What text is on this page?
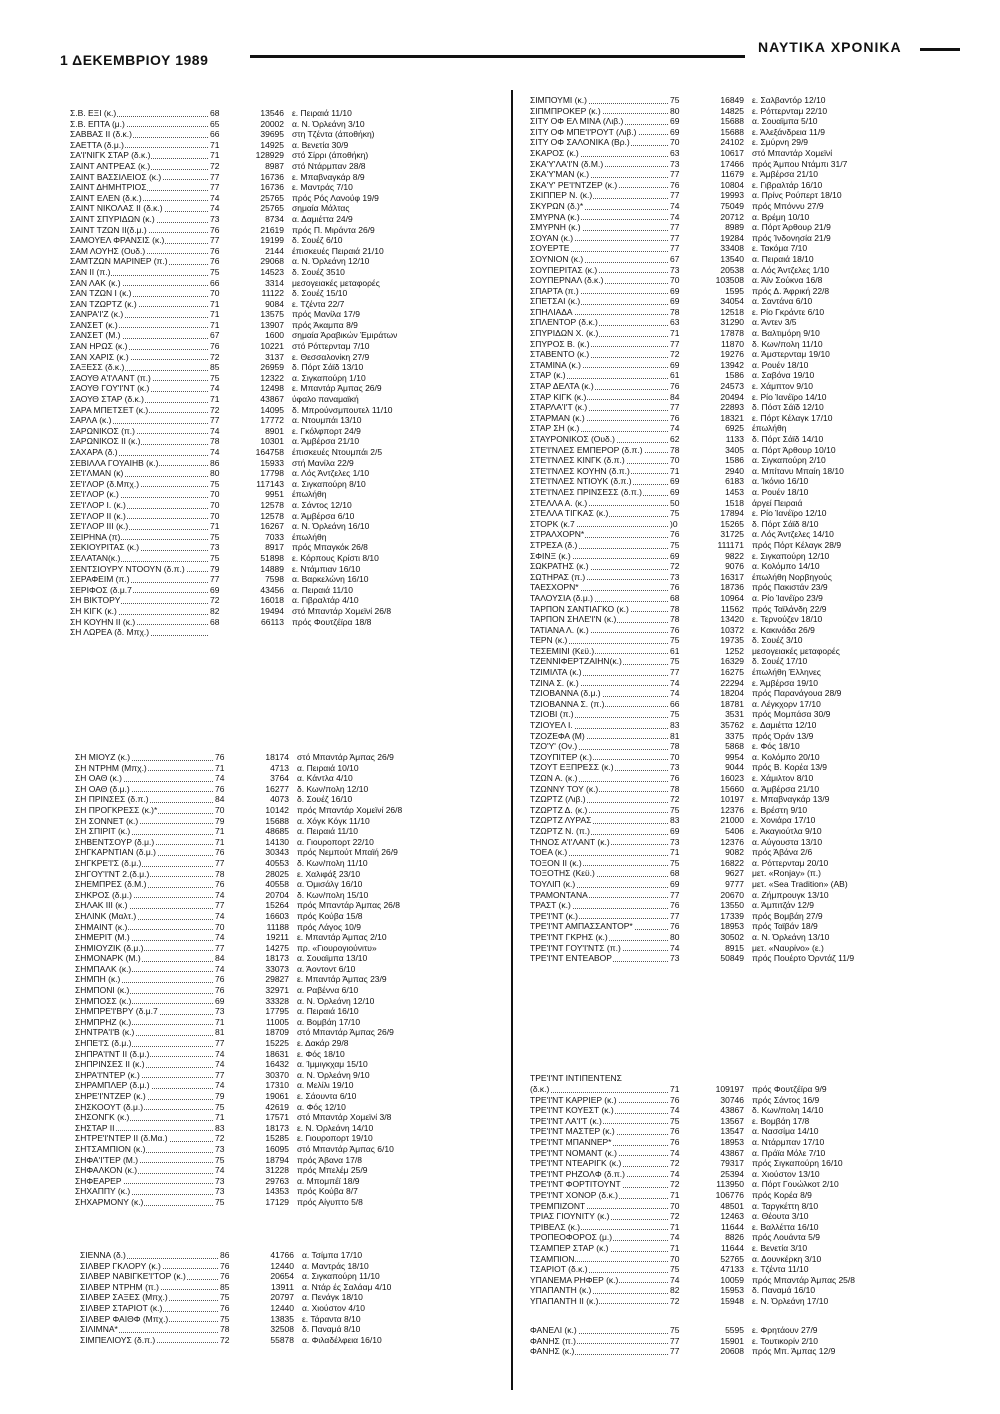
1 ΔΕΚΕΜΒΡΙΟΥ 1989
ΝΑΥΤΙΚΑ ΧΡΟΝΙΚΑ
Σ.Β. ΕΞΙ (κ.)	68	13546 ε. Πειραιά 11/10
Σ.Β. ΕΠΤΑ (μ.)	65	20002 α. Ν. Όρλεάνη 3/10
ΣΑΒΒΑΣ ΙΙ (δ.κ.)	66	39695 στη Τζέντα (άποθήκη)
ΣΑΕΤΤΑ (δ.μ.)	71	14925 α. Βενετία 30/9
ΣΑ'Ι'ΝΙΓΚ ΣΤΑΡ (δ.κ.)	71	128929 στό Σίρρι (άποθήκη)
ΣΑΙΝΤ ΑΝΤΡΕΑΣ (κ.)	72	8987 στό Ντάρμπαν 28/8
ΣΑΙΝΤ ΒΑΣΣΙΛΕΙΟΣ (κ.)	77	16736 ε. Μπαβναγκάρ 8/9
ΣΑΙΝΤ ΔΗΜΗΤΡΙΟΣ	77	16736 ε. Μαντράς 7/10
ΣΑΙΝΤ ΕΛΕΝ (δ.κ.)	74	25765 πρός Ρός Λανούφ 19/9
ΣΑΙΝΤ ΝΙΚΟΛΑΣ ΙΙ (δ.κ.)	74	25765 σημαία Μάλτας
ΣΑΙΝΤ ΣΠΥΡΙΔΩΝ (κ.)	73	8734 α. Δαμιέττα 24/9
ΣΑΙΝΤ ΤΖΩΝ ΙΙ(δ.μ.)	76	21619 πρός Π. Μιράντα 26/9
ΣΑΜΟΥΕΛ ΦΡΑΝΣΙΣ (κ.)	77	19199 δ. Σουέζ 6/10
ΣΑΜ ΛΟΥΗΣ (Ουδ.)	76	2144 έπισκευές Πειραιά 21/10
ΣΑΜΤΖΩΝ ΜΑΡΙΝΕΡ (π.)	76	29068 α. Ν. Όρλεάνη 12/10
ΣΑΝ ΙΙ (π.)	75	14523 δ. Σουέζ 3510
ΣΑΝ ΛΑΚ (κ.)	66	3314 μεσογειακές μεταφορές
ΣΑΝ ΤΖΩΝ Ι (κ.)	70	11122 δ. Σουέζ 15/10
ΣΑΝ ΤΖΩΡΤΖ (κ.)	71	9084 ε. Τζέντα 22/7
ΣΑΝΡΑ'Ι'Ζ (κ.)	71	13575 πρός Μανίλα 17/9
ΣΑΝΣΕΤ (κ.)	71	13907 πρός Άκαμπα 8/9
ΣΑΝΣΕΤ (Μ.)	67	1600 σημαία Άραβικών Έμιράτων
ΣΑΝ ΗΡΩΣ (κ.)	76	10221 στό Ρόττερνταμ 7/10
ΣΑΝ ΧΑΡΙΣ (κ.)	72	3137 ε. Θεσσαλονίκη 27/9
ΣΑΞΕΣΣ (δ.κ.)	85	26959 δ. Πόρτ Σάϊδ 13/10
ΣΑΟΥΘ Α'Ι'ΛΑΝΤ (π.)	75	12322 α. Σιγκαπούρη 1/10
ΣΑΟΥΘ ΓΟΥ'Ι'ΝΤ (κ.)	74	12498 ε. Μπαντάρ Άμπας 26/9
ΣΑΟΥΘ ΣΤΑΡ (δ.κ.)	71	43867 ύφαλο παναμαϊκή
ΣΑΡΑ ΜΠΕΤΣΕΤ (κ.)	72	14095 δ. Μπρούνσμπουτελ 11/10
ΣΑΡΛΑ (κ.)	77	17772 α. Ντουμπάι 13/10
ΣΑΡΩΝΙΚΟΣ (π.)	74	8901 ε. Γκόλφπορτ 24/9
ΣΑΡΩΝΙΚΟΣ ΙΙ (κ.)	78	10301 α. Άμβέρσα 21/10
ΣΑΧΑΡΑ (δ.)	74	164758 έπισκευές Ντουμπάι 2/5
ΣΕΒΙΛΛΑ ΓΟΥΑΙΗΒ (κ.)	86	15933 στή Μανίλα 22/9
ΣΕ'Ι'ΛΜΑΝ (κ)	80	17798 α. Λός Άντζελες 1/10
ΣΕ'Ι'ΛΟΡ (δ.Μπχ.)	75	117143 α. Σιγκαπούρη 8/10
ΣΕ'Ι'ΛΟΡ (κ.)	70	9951 έπωλήθη
ΣΕ'Ι'ΛΟΡ Ι. (κ.)	70	12578 α. Σάντος 12/10
ΣΕ'Ι'ΛΟΡ ΙΙ (κ.)	70	12578 α. Άμβέρσα 6/10
ΣΕ'Ι'ΛΟΡ ΙΙΙ (κ.)	71	16267 α. Ν. Όρλεάνη 16/10
ΣΕΙΡΗΝΑ (π)	75	7033 έπωλήθη
ΣΕΚΙΟΥΡΙΤΑΣ (κ.)	73	8917 πρός Μπαγκόκ 26/8
ΣΕΛΑΤΑΝ(κ.)	75	51898 ε. Κόρπους Κρίστι 8/10
ΣΕΝΤΣΙΟΥΡΥ ΝΤΟΟΥΝ (δ.π.)	79	14889 ε. Ντάμπιαν 16/10
ΣΕΡΑΦΕΙΜ (π.)	77	7598 α. Βαρκελώνη 16/10
ΣΕΡΙΦΟΣ (δ.μ.7	69	43456 α. Πειραιά 11/10
ΣΗ ΒΙΚΤΟΡΥ	72	16018 α. Γιβραλτάρ 4/10
ΣΗ ΚΙΓΚ (κ.)	82	19494 στό Μπαντάρ Χομεϊνί 26/8
ΣΗ ΚΟΥΗΝ ΙΙ (κ.)	68	66113 πρός Φουτζέϊρα 18/8
ΣΗ ΛΩΡΕΑ (δ. Μπχ.)
ΣΗ ΜΙΟΥΖ (κ.)	76	18174 στό Μπαντάρ Άμπας 26/9
ΣΗ ΝΤΡΗΜ (Μπχ.)	71	4713 α. Πειραιά 10/10
ΣΗ ΟΑΘ (κ.)	74	3764 α. Κάντλα 4/10
ΣΗ ΟΑΘ (δ.μ.)	76	16277 δ. Κων/πολη 12/10
ΣΗ ΠΡΙΝΣΕΣ (δ.π.)	84	4073 δ. Σουέζ 16/10
ΣΗ ΠΡΟΓΚΡΕΣΣ (κ.)*	70	10142 πρός Μπαντάρ Χομεϊνί 26/8
ΣΗ ΣΟΝΝΕΤ (κ.)	79	15688 α. Χόγκ Κόγκ 11/10
ΣΗ ΣΠΙΡΙΤ (κ.)	71	48685 α. Πειραιά 11/10
ΣΗΒΕΝΤΣΟΥΡ (δ.μ.)	71	14130 α. Γιουροπορτ 22/10
ΣΗΓΚΑΡΝΤΙΑΝ (δ.μ.)	76	30343 πρός Νεμπούτ Μπαϊή 26/9
ΣΗΓΚΡΕ'Ι'Σ (δ.μ.)	77	40553 δ. Κων/πολη 11/10
ΣΗΓΟΥ'Ι'ΝΤ 2.(δ.μ.)	78	28025 ε. Χαλιφάξ 23/10
ΣΗΕΜΠΡΕΣ (δ.Μ.)	76	40558 α. Όμισάλγ 16/10
ΣΗΚΡΟΣ (δ.μ.)	74	20704 δ. Κων/πολη 15/10
ΣΗΛΑΚ ΙΙΙ (κ.)	77	15264 πρός Μπαντάρ Άμπας 26/8
ΣΗΛΙΝΚ (Μαλτ.)	74	16603 πρός Κούβα 15/8
ΣΗΜΑΙΝΤ (κ.)	70	11188 πρός Λάγος 10/9
ΣΗΜΕΡΙΤ (Μ.)	74	19211 ε. Μπαντάρ Άμπας 2/10
ΣΗΜΙΟΥΖΙΚ (δ.μ.)	77	14275 πρ. «Γιουρογιούνιτυ»
ΣΗΜΟΝΑΡΚ (Μ.)	84	18173 α. Σουαϊμπα 13/10
ΣΗΜΠΑΛΚ (κ.)	74	33073 α. Άοντοντ 6/10
ΣΗΜΠΗ (κ.)	76	29827 ε. Μπαντάρ Άμπας 23/9
ΣΗΜΠΟΝΙ (κ.)	76	32971 α. Ραβέννα 6/10
ΣΗΜΠΟΣΣ (κ.)	69	33328 α. Ν. Όρλεάνη 12/10
ΣΗΜΠΡΕ'Ι'ΒΡΥ (δ.μ.7	73	17795 α. Πειραιά 16/10
ΣΗΜΠΡΗΖ (κ.)	71	11005 α. Βομβάη 17/10
ΣΗΝΤΡΑ'Ι'Β (κ.)	81	18709 στό Μπαντάρ Άμπας 26/9
ΣΗΠΕ'Ι'Σ (δ.μ.)	77	15225 ε. Δακάρ 29/8
ΣΗΠΡΑ'Ι'ΝΤ ΙΙ (δ.μ.)	74	18631 ε. Φός 18/10
ΣΗΠΡΙΝΣΕΣ ΙΙ (κ.)	74	16432 α. Ίμμιγκχαμ 15/10
ΣΗΡΑ'Ι'ΝΤΕΡ (κ.)	77	30370 α. Ν. Όρλεάνη 9/10
ΣΗΡΑΜΠΛΕΡ (δ.μ.)	74	17310 α. Μελίλι 19/10
ΣΗΡΕ'Ι'ΝΤΖΕΡ (κ.)	79	19061 ε. Σάουντα 6/10
ΣΗΣΚΟΟΥΤ (δ.μ.)	75	42619 α. Φός 12/10
ΣΗΣΟΝΓΚ (κ.)	71	17571 στό Μπαντάρ Χομεϊνί 3/8
ΣΗΣΤΑΡ ΙΙ	83	18173 ε. Ν. Όρλεάνη 14/10
ΣΗΤΡΕ'Ι'ΝΤΕΡ ΙΙ (δ.Μα.)	72	15285 ε. Γιουροπορτ 19/10
ΣΗΤΣΑΜΠΙΟΝ (κ.)	73	16095 στό Μπαντάρ Άμπας 6/10
ΣΗΦΑ'Ι'ΤΕΡ (Μ.)	75	18794 πρός Άβανα 17/8
ΣΗΦΑΛΚΟΝ (κ.)	74	31228 πρός Μπελέμ 25/9
ΣΗΦΕΑΡΕΡ	73	29763 α. Μπομπέϊ 18/9
ΣΗΧΑΠΠΥ (κ.)	73	14353 πρός Κούβα 8/7
ΣΗΧΑΡΜΟΝΥ (κ.)	75	17129 πρός Αίγυπτο 5/8
ΣΙΕΝΝΑ (δ.)	86	41766 α. Τσίμπα 17/10
ΣΙΛΒΕΡ ΓΚΛΟΡΥ (κ.)	76	12440 α. Μαντράς 18/10
ΣΙΛΒΕΡ ΝΑΒΙΓΚΕ'Ι'ΤΟΡ (κ.)	76	20654 α. Σιγκαπούρη 11/10
ΣΙΛΒΕΡ ΝΤΡΗΜ (π.)	85	13911 α. Ντάρ ές Σαλάαμ 4/10
ΣΙΛΒΕΡ ΣΑΞΕΣ (Μπχ.)	75	20797 α. Πενάγκ 18/10
ΣΙΛΒΕΡ ΣΤΑΡΙΟΤ (κ.)	76	12440 α. Χιούστον 4/10
ΣΙΛΒΕΡ ΦΑΙΘΦ (Μπχ.)	75	13835 ε. Τάραντα 8/10
ΣΙΛΙΜΝΑ*	78	32508 δ. Παναμά 8/10
ΣΙΜΠΕΛΙΟΥΣ (δ.π.)	72	55878 α. Φιλαδέλφεια 16/10
ΣΙΜΠΟΥΜΙ (κ.)	75	16849 ε. Σαλβαντόρ 12/10
ΣΙΠΜΠΡΟΚΕΡ (κ.)	80	14825 ε. Ρόττερνταμ 22/10
ΣΙΤΥ ΟΦ ΕΛ ΜΙΝΑ (Λιβ.)	69	15688 α. Σουαϊμπα 5/10
ΣΙΤΥ ΟΦ ΜΠΕ'Ι'ΡΟΥΤ (Λιβ.)	69	15688 ε. Άλεξάνδρεια 11/9
ΣΙΤΥ ΟΦ ΣΑΛΟΝΙΚΑ (Βρ.)	70	24102 ε. Σμύρνη 29/9
ΣΚΑΡΟΣ (κ.)	63	10617 στό Μπαντάρ Χομεϊνί
ΣΚΑ'Υ'ΛΑ'Ι'Ν (δ.Μ.)	73	17466 πρός Άμπου Ντάμπι 31/7
ΣΚΑ'Υ'ΜΑΝ (κ.)	77	11679 ε. Άμβέρσα 21/10
ΣΚΑ'Υ' ΡΕ'Ι'ΝΤΖΕΡ (κ.)	76	10804 ε. Γιβραλτάρ 16/10
ΣΚΙΠΠΕΡ Ν. (κ.)	77	19993 α. Πρίνς Ρούπερτ 18/10
ΣΚΥΡΩΝ (δ.)*	74	75049 πρός Μπόννυ 27/9
ΣΜΥΡΝΑ (κ.)	74	20712 α. Βρέμη 10/10
ΣΜΥΡΝΗ (κ.)	77	8989 α. Πόρτ Άρθουρ 21/9
ΣΟΥΑΝ (κ.)	77	19284 πρός Ίνδονησία 21/9
ΣΟΥΕΡΤΕ	77	33408 ε. Τακόμα 7/10
ΣΟΥΝΙΟΝ (κ.)	67	13540 α. Πειραιά 18/10
ΣΟΥΠΕΡΙΤΑΣ (κ.)	73	20538 α. Λός Άντζελες 1/10
ΣΟΥΠΕΡΝΑΛ (δ.κ.)	70	103508 α. Άϊν Σούκνα 16/8
ΣΠΑΡΤΑ (π.)	69	1595 πρός Δ. Άφρική 22/8
ΣΠΕΤΣΑΙ (κ.)	69	34054 α. Σαντάνα 6/10
ΣΠΗΛΙΑΔΑ	78	12518 ε. Ρίο Γκράντε 6/10
ΣΠΛΕΝΤΟΡ (δ.κ.)	63	31290 α. Άντεν 3/5
ΣΠΥΡΙΔΩΝ Χ. (κ.)	71	17878 α. Βαλτιμόρη 9/10
ΣΠΥΡΟΣ Β. (κ.)	77	11870 δ. Κων/πολη 11/10
ΣΤΑΒΕΝΤΟ (κ.)	72	19276 α. Άμστερνταμ 19/10
ΣΤΑΜΙΝΑ (κ.)	69	13942 α. Ρουέν 18/10
ΣΤΑΡ (κ.)	61	1586 α. Σαβόνα 19/10
ΣΤΑΡ ΔΕΛΤΑ (κ.)	76	24573 ε. Χάμπτον 9/10
ΣΤΑΡ ΚΙΓΚ (κ.)	84	20494 ε. Ρίο Ίανέϊρο 14/10
ΣΤΑΡΛΑ'Ι'Τ (κ.)	77	22893 δ. Πόστ Σάϊδ 12/10
ΣΤΑΡΜΑΝ (κ.)	76	18321 ε. Πόρτ Κέλαγκ 17/10
ΣΤΑΡ ΣΗ (κ.)	74	6925 έπωλήθη
ΣΤΑΥΡΟΝΙΚΟΣ (Ουδ.)	62	1133 δ. Πόρτ Σάϊδ 14/10
ΣΤΕ'Ι'ΝΛΕΣ ΕΜΠΕΡΟΡ (δ.π.)	78	3405 α. Πόρτ Άρθουρ 10/10
ΣΤΕ'Ι'ΝΛΕΣ ΚΙΝΓΚ (δ.π.)	70	1586 α. Σιγκαπούρη 2/10
ΣΤΕ'Ι'ΝΛΕΣ ΚΟΥΗΝ (δ.π.)	71	2940 α. Μπίτανυ Μπαίη 18/10
ΣΤΕ'Ι'ΝΛΕΣ ΝΤΙΟΥΚ (δ.π.)	69	6183 α. Ίκόνιο 16/10
ΣΤΕ'Ι'ΝΛΕΣ ΠΡΙΝΣΕΣΣ (δ.π.)	69	1453 α. Ρουέν 18/10
ΣΤΕΛΛΑ Α. (κ.)	50	1518 άργεί Πειραιά
ΣΤΕΛΛΑ ΤΙΓΚΑΣ (κ.)	75	17894 ε. Ρίο Ίανέϊρο 12/10
ΣΤΟΡΚ (κ.7	)0	15265 δ. Πόρτ Σάϊδ 8/10
ΣΤΡΑΛΧΟΡΝ*	76	31725 α. Λός Άντζελες 14/10
ΣΤΡΕΣΑ (δ.)	75	111171 πρός Πόρτ Κέλαγκ 28/9
ΣΦΙΝΞ (κ.)	69	9822 ε. Σιγκαπούρη 12/10
ΣΩΚΡΑΤΗΣ (κ.)	72	9076 α. Κολόμπο 14/10
ΣΩΤΗΡΑΣ (π.)	73	16317 έπωλήθη Νορβηγούς
ΤΑΕΣΧΟΡΝ*	76	18736 πρός Πακιστάν 23/9
ΤΑΛΟΥΣΙΑ (δ.μ.)	68	10964 α. Ρίο Ίανέϊρο 23/9
ΤΑΡΠΟΝ ΣΑΝΤΙΑΓΚΟ (κ.)	78	11562 πρός Ταϊλάνδη 22/9
ΤΑΡΠΟΝ ΣΗΛΕ'Ι'Ν (κ.)	78	13420 ε. Τερνούζεν 18/10
ΤΑΤΙΑΝΑ Λ. (κ.)	76	10372 ε. Κακινάδα 26/9
ΤΕΡΝ (κ.)	75	19735 δ. Σουέζ 3/10
ΤΕΣΕΜΙΝΙ (Κεϋ.)	61	1252 μεσογειακές μεταφορές
ΤΖΕΝΝΙΦΕΡΤΖΑΙΗΝ(κ.)	75	16329 δ. Σουέζ 17/10
ΤΖΙΜΙΛΤΑ (κ.)	77	16275 έπωλήθη Έλληνες
ΤΖΙΝΑ Σ. (κ.)	74	22294 ε. Άμβέρσα 19/10
ΤΖΙΟΒΑΝΝΑ (δ.μ.)	74	18204 πρός Παρανάγουα 28/9
ΤΖΙΟΒΑΝΝΑ Σ. (π.)	66	18781 α. Λέγκχορν 17/10
ΤΖΙΟΒΙ (π.)	75	3531 πρός Μομπάσα 30/9
ΤΖΙΟΥΕΛ Ι.	83	35762 ε. Δαμιέττα 12/10
ΤΖΟΖΕΦΑ (Μ)	81	3375 πρός Όράν 13/9
ΤΖΟ'Υ' (Ον.)	78	5868 ε. Φός 18/10
ΤΖΟΥΠΙΤΕΡ (κ.)	70	9954 α. Κολόμπο 20/10
ΤΖΟΥΤ ΕΞΠΡΕΣΣ (κ.)	73	9044 πρός Β. Κορέα 13/9
ΤΖΩΝ Α. (κ.)	76	16023 ε. Χάμιλτον 8/10
ΤΖΩΝΝΥ ΤΟΥ (κ.)	78	15660 α. Άμβέρσα 21/10
ΤΖΩΡΤΖ (Λιβ.)	72	10197 ε. Μπαβναγκάρ 13/9
ΤΖΩΡΤΖ Δ. (κ.)	75	12376 ε. Βρέστη 9/10
ΤΖΩΡΤΖ ΛΥΡΑΣ	83	21000 ε. Χονιάρα 17/10
ΤΖΩΡΤΖ Ν. (π.)	69	5406 ε. Άκαγιούτλα 9/10
ΤΗΝΟΣ Α'Ι'ΛΑΝΤ (κ.)	73	12376 α. Αύγουστα 13/10
ΤΟΕΑ (κ.)	71	9082 πρός Άβάνα 2/6
ΤΟΞΟΝ ΙΙ (κ.)	75	16822 α. Ρόττερνταμ 20/10
ΤΟΞΟΤΗΣ (Κεϋ.)	68	9627 μετ. «Ronjay» (π.)
ΤΟΥΛΙΠ (κ.)	69	9777 μετ. «Sea Tradition» (ΑΒ)
ΤΡΑΜΟΝΤΑΝΑ	77	20670 α. Ζήμπρουγκ 13/10
ΤΡΑΣΤ (κ.)	76	13550 α. Άμπιτζάν 12/9
ΤΡΕ'Ι'ΝΤ (κ.)	77	17339 πρός Βομβάη 27/9
ΤΡΕ'Ι'ΝΤ ΑΜΠΑΣΣΑΝΤΟΡ*	76	18953 πρός Ταϊβάν 18/9
ΤΡΕ'Ι'ΝΤ ΓΚΡΗΣ (κ.)	80	30502 α. Ν. Όρλεάνη 13/10
ΤΡΕ'Ι'ΝΤ ΓΟΥ'Ι'ΝΤΣ (π.)	74	8915 μετ. «Ναυρίνο» (ε.)
ΤΡΕ'Ι'ΝΤ ΕΝΤΕΑΒΟΡ	73	50849 πρός Πουέρτο Όρντάζ 11/9
ΤΡΕ'Ι'ΝΤ ΙΝΤΙΠΕΝΤΕΝΣ
(δ.κ.)	71	109197 πρός Φουτζέϊρα 9/9
ΤΡΕ'Ι'ΝΤ ΚΑΡΡΙΕΡ (κ.)	76	30746 πρός Σάντος 16/9
ΤΡΕ'Ι'ΝΤ ΚΟΥΕΣΤ (κ.)	74	43867 δ. Κων/πολη 14/10
ΤΡΕ'Ι'ΝΤ ΛΑ'Ι'Τ (κ.)	75	13567 ε. Βομβάη 17/8
ΤΡΕ'Ι'ΝΤ ΜΑΣΤΕΡ (κ.)	76	13547 α. Νασσίμα 14/10
ΤΡΕ'Ι'ΝΤ ΜΠΑΝΝΕΡ*	76	18953 α. Ντάρμπαν 17/10
ΤΡΕ'Ι'ΝΤ ΝΟΜΑΝΤ (κ.)	74	43867 α. Πράϊα Μόλε 7/10
ΤΡΕ'Ι'ΝΤ ΝΤΕΑΡΙΓΚ (κ.)	72	79317 πρός Σιγκαπούρη 16/10
ΤΡΕ'Ι'ΝΤ ΡΗΖΟΛΦ (δ.π.)	74	25394 α. Χιούστον 13/10
ΤΡΕ'Ι'ΝΤ ΦΟΡΤΙΤΟΥΝΤ	72	113950 α. Πόρτ Γουώλκοτ 2/10
ΤΡΕ'Ι'ΝΤ ΧΟΝΟΡ (δ.κ.)	71	106776 πρός Κορέα 8/9
ΤΡΕΜΠΙΖΟΝΤ	70	48501 α. Ταργκέττη 8/10
ΤΡΙΑΣ ΓΙΟΥΝΙΤΥ (κ.)	72	12463 α. Θέουτα 3/10
ΤΡΙΒΕΛΣ (κ.)	71	11644 ε. Βαλλέττα 16/10
ΤΡΟΠΕΟΦΟΡΟΣ (μ.)	74	8826 πρός Λουάντα 5/9
ΤΣΑΜΠΕΡ ΣΤΑΡ (κ.)	71	11644 ε. Βενετία 3/10
ΤΣΑΜΠΙΟΝ	70	52765 α. Δουνκέρκη 3/10
ΤΣΑΡΙΟΤ (δ.κ.)	75	47133 ε. Τζέντα 11/10
ΥΠΑΝΕΜΑ ΡΗΦΕΡ (κ.)	74	10059 πρός Μπαντάρ Άμπας 25/8
ΥΠΑΠΑΝΤΗ (κ.)	82	15953 δ. Παναμά 16/10
ΥΠΑΠΑΝΤΗ ΙΙ (κ.)	72	15948 ε. Ν. Όρλεάνη 17/10
ΦΑΝΕΛΙ (κ.)	75	5595 ε. Φρητάουν 27/9
ΦΑΝΗΣ (π.)	77	15901 ε. Τουτικορίν 2/10
ΦΑΝΗΣ (κ.)	77	20608 πρός Μπ. Άμπας 12/9
